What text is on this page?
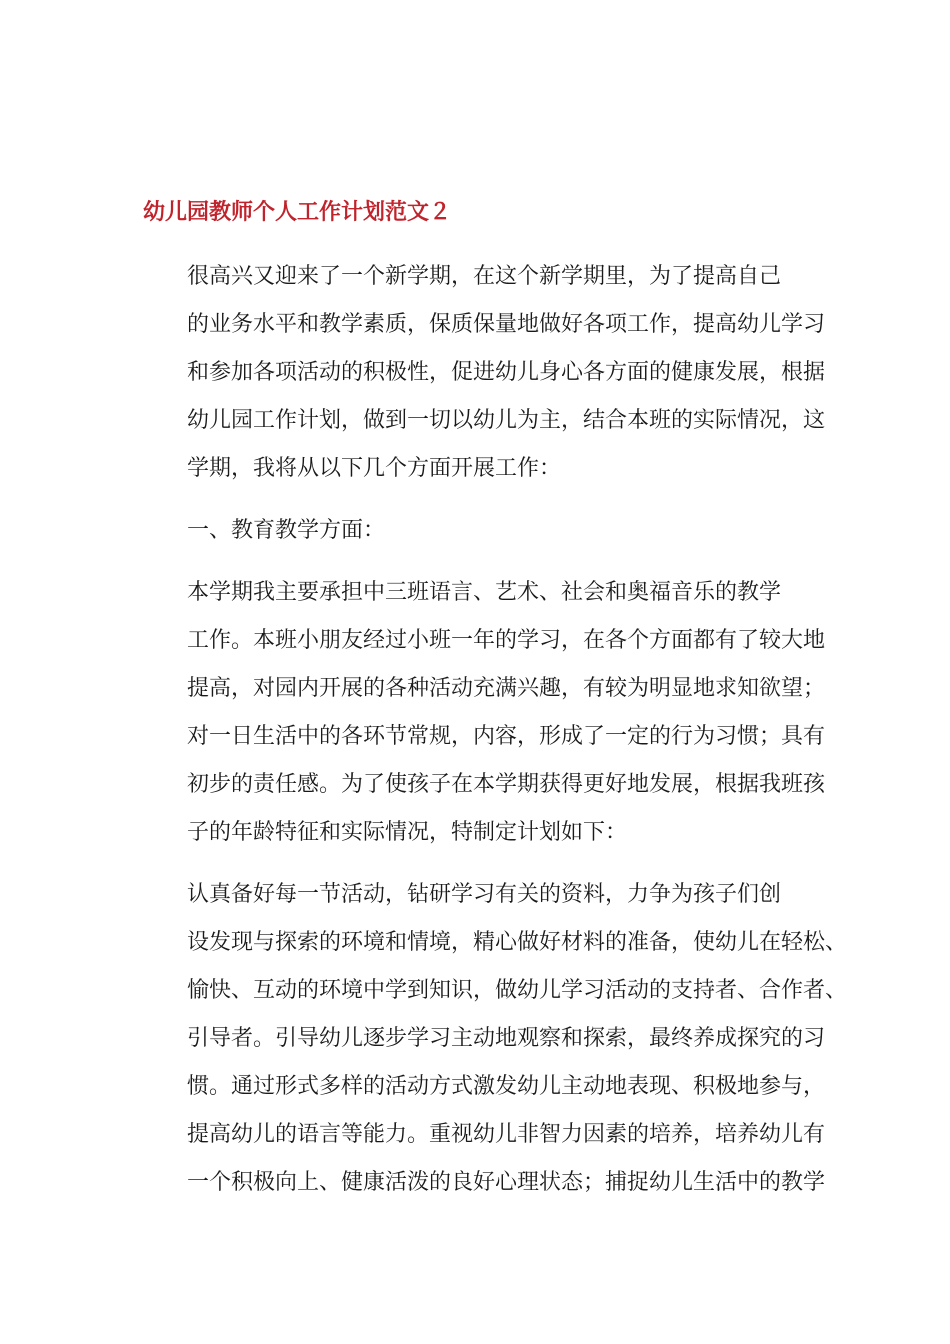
幼儿园教师个人工作计划范文２

很高兴又迎来了一个新学期，在这个新学期里，为了提高自己
的业务水平和教学素质，保质保量地做好各项工作，提高幼儿学习
和参加各项活动的积极性，促进幼儿身心各方面的健康发展，根据
幼儿园工作计划，做到一切以幼儿为主，结合本班的实际情况，这
学期，我将从以下几个方面开展工作：

一、教育教学方面：

本学期我主要承担中三班语言、艺术、社会和奥福音乐的教学
工作。本班小朋友经过小班一年的学习，在各个方面都有了较大地
提高，对园内开展的各种活动充满兴趣，有较为明显地求知欲望；
对一日生活中的各环节常规，内容，形成了一定的行为习惯；具有
初步的责任感。为了使孩子在本学期获得更好地发展，根据我班孩
子的年龄特征和实际情况，特制定计划如下：

认真备好每一节活动，钻研学习有关的资料，力争为孩子们创
设发现与探索的环境和情境，精心做好材料的准备，使幼儿在轻松、
愉快、互动的环境中学到知识，做幼儿学习活动的支持者、合作者、
引导者。引导幼儿逐步学习主动地观察和探索，最终养成探究的习
惯。通过形式多样的活动方式激发幼儿主动地表现、积极地参与，
提高幼儿的语言等能力。重视幼儿非智力因素的培养，培养幼儿有
一个积极向上、健康活泼的良好心理状态；捕捉幼儿生活中的教学
